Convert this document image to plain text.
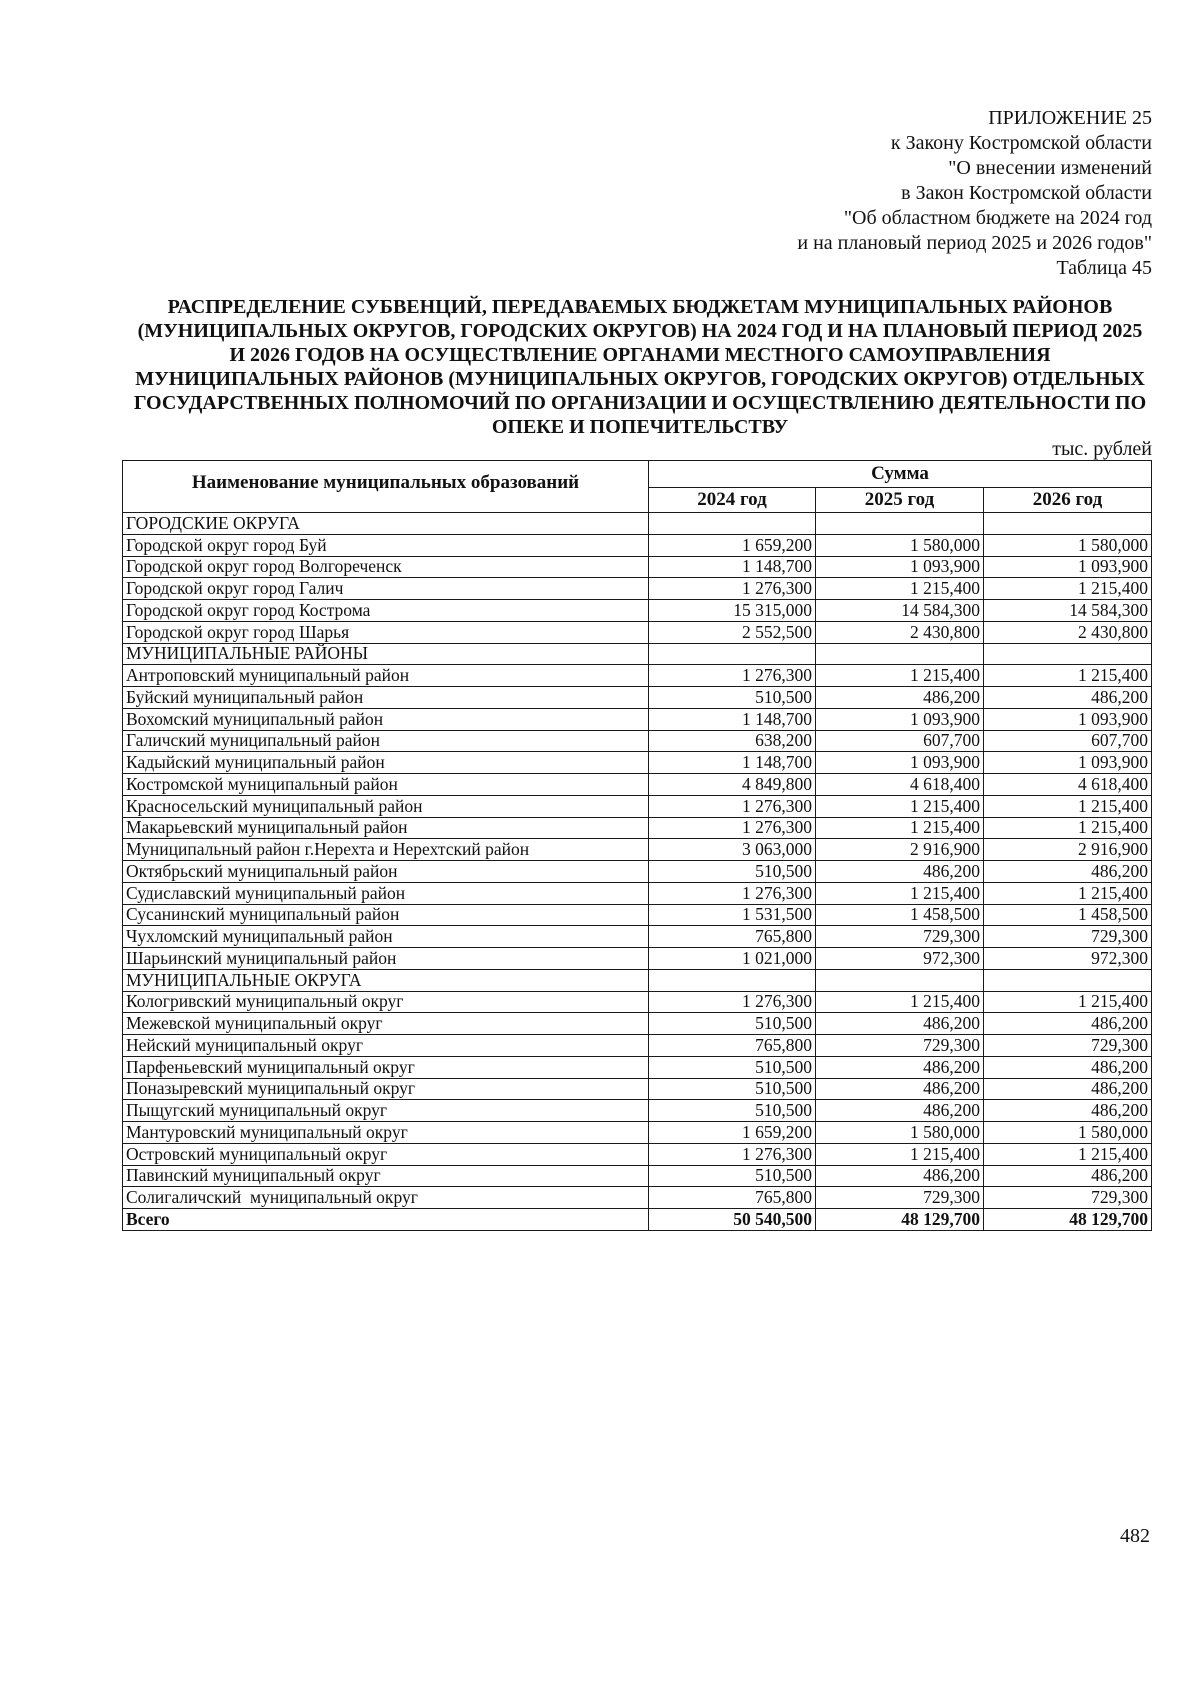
ПРИЛОЖЕНИЕ 25
к Закону Костромской области
"О внесении изменений
в Закон Костромской области
"Об областном бюджете на 2024 год
и на плановый период 2025 и 2026 годов"
Таблица 45
РАСПРЕДЕЛЕНИЕ СУБВЕНЦИЙ, ПЕРЕДАВАЕМЫХ БЮДЖЕТАМ МУНИЦИПАЛЬНЫХ РАЙОНОВ
(МУНИЦИПАЛЬНЫХ ОКРУГОВ, ГОРОДСКИХ ОКРУГОВ) НА 2024 ГОД И НА ПЛАНОВЫЙ ПЕРИОД 2025
И 2026 ГОДОВ НА ОСУЩЕСТВЛЕНИЕ ОРГАНАМИ МЕСТНОГО САМОУПРАВЛЕНИЯ
МУНИЦИПАЛЬНЫХ РАЙОНОВ (МУНИЦИПАЛЬНЫХ ОКРУГОВ, ГОРОДСКИХ ОКРУГОВ) ОТДЕЛЬНЫХ
ГОСУДАРСТВЕННЫХ ПОЛНОМОЧИЙ ПО ОРГАНИЗАЦИИ И ОСУЩЕСТВЛЕНИЮ ДЕЯТЕЛЬНОСТИ ПО
ОПЕКЕ И ПОПЕЧИТЕЛЬСТВУ
тыс. рублей
Наименование муниципальных образований	Сумма		
	2024 год	2025 год	2026 год
ГОРОДСКИЕ ОКРУГА			
Городской округ город Буй	1 659,200	1 580,000	1 580,000
Городской округ город Волгореченск	1 148,700	1 093,900	1 093,900
Городской округ город Галич	1 276,300	1 215,400	1 215,400
Городской округ город Кострома	15 315,000	14 584,300	14 584,300
Городской округ город Шарья	2 552,500	2 430,800	2 430,800
МУНИЦИПАЛЬНЫЕ РАЙОНЫ			
Антроповский муниципальный район	1 276,300	1 215,400	1 215,400
Буйский муниципальный район	510,500	486,200	486,200
Вохомский муниципальный район	1 148,700	1 093,900	1 093,900
Галичский муниципальный район	638,200	607,700	607,700
Кадыйский муниципальный район	1 148,700	1 093,900	1 093,900
Костромской муниципальный район	4 849,800	4 618,400	4 618,400
Красносельский муниципальный район	1 276,300	1 215,400	1 215,400
Макарьевский муниципальный район	1 276,300	1 215,400	1 215,400
Муниципальный район г.Нерехта и Нерехтский район	3 063,000	2 916,900	2 916,900
Октябрьский муниципальный район	510,500	486,200	486,200
Судиславский муниципальный район	1 276,300	1 215,400	1 215,400
Сусанинский муниципальный район	1 531,500	1 458,500	1 458,500
Чухломский муниципальный район	765,800	729,300	729,300
Шарьинский муниципальный район	1 021,000	972,300	972,300
МУНИЦИПАЛЬНЫЕ ОКРУГА			
Кологривский муниципальный округ	1 276,300	1 215,400	1 215,400
Межевской муниципальный округ	510,500	486,200	486,200
Нейский муниципальный округ	765,800	729,300	729,300
Парфеньевский муниципальный округ	510,500	486,200	486,200
Поназыревский муниципальный округ	510,500	486,200	486,200
Пыщугский муниципальный округ	510,500	486,200	486,200
Мантуровский муниципальный округ	1 659,200	1 580,000	1 580,000
Островский муниципальный округ	1 276,300	1 215,400	1 215,400
Павинский муниципальный округ	510,500	486,200	486,200
Солигаличский  муниципальный округ	765,800	729,300	729,300
Всего	50 540,500	48 129,700	48 129,700
482
